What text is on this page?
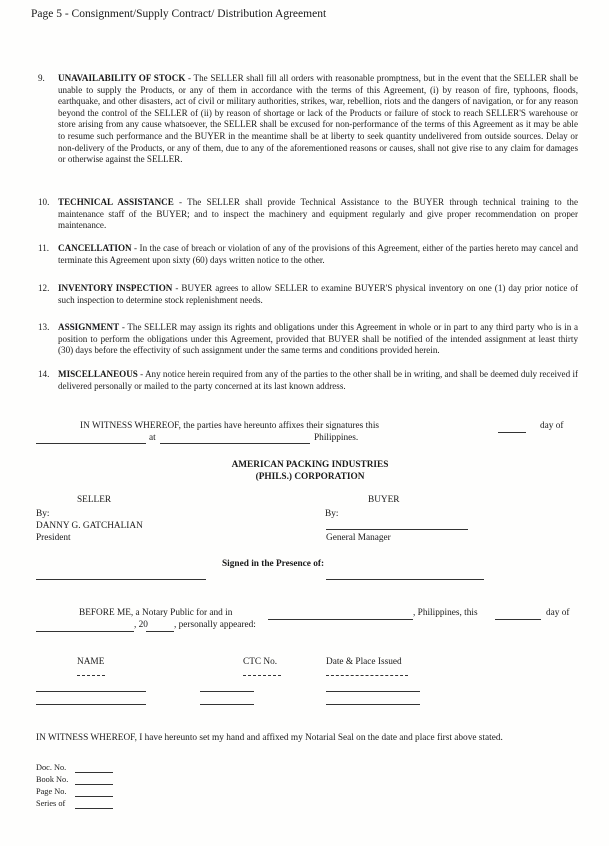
Page 5 - Consignment/Supply Contract/ Distribution Agreement
9.	UNAVAILABILITY OF STOCK - The SELLER shall fill all orders with reasonable promptness, but in the event that the SELLER shall be unable to supply the Products, or any of them in accordance with the terms of this Agreement, (i) by reason of fire, typhoons, floods, earthquake, and other disasters, act of civil or military authorities, strikes, war, rebellion, riots and the dangers of navigation, or for any reason beyond the control of the SELLER of (ii) by reason of shortage or lack of the Products or failure of stock to reach SELLER'S warehouse or store arising from any cause whatsoever, the SELLER shall be excused for non-performance of the terms of this Agreement as it may be able to resume such performance and the BUYER in the meantime shall be at liberty to seek quantity undelivered from outside sources. Delay or non-delivery of the Products, or any of them, due to any of the aforementioned reasons or causes, shall not give rise to any claim for damages or otherwise against the SELLER.
10. TECHNICAL ASSISTANCE - The SELLER shall provide Technical Assistance to the BUYER through technical training to the maintenance staff of the BUYER; and to inspect the machinery and equipment regularly and give proper recommendation on proper maintenance.
11. CANCELLATION - In the case of breach or violation of any of the provisions of this Agreement, either of the parties hereto may cancel and terminate this Agreement upon sixty (60) days written notice to the other.
12. INVENTORY INSPECTION - BUYER agrees to allow SELLER to examine BUYER'S physical inventory on one (1) day prior notice of such inspection to determine stock replenishment needs.
13. ASSIGNMENT - The SELLER may assign its rights and obligations under this Agreement in whole or in part to any third party who is in a position to perform the obligations under this Agreement, provided that BUYER shall be notified of the intended assignment at least thirty (30) days before the effectivity of such assignment under the same terms and conditions provided herein.
14. MISCELLANEOUS - Any notice herein required from any of the parties to the other shall be in writing, and shall be deemed duly received if delivered personally or mailed to the party concerned at its last known address.
IN WITNESS WHEREOF, the parties have hereunto affixes their signatures this	day of
at	Philippines.
AMERICAN PACKING INDUSTRIES
(PHILS.) CORPORATION
SELLER	BUYER
By:	By:
DANNY G. GATCHALIAN
President	General Manager
Signed in the Presence of:
BEFORE ME, a Notary Public for and in	, Philippines, this	day of
, 20	, personally appeared:
NAME	CTC No.	Date & Place Issued
IN WITNESS WHEREOF, I have hereunto set my hand and affixed my Notarial Seal on the date and place first above stated.
Doc. No.
Book No.
Page No.
Series of
